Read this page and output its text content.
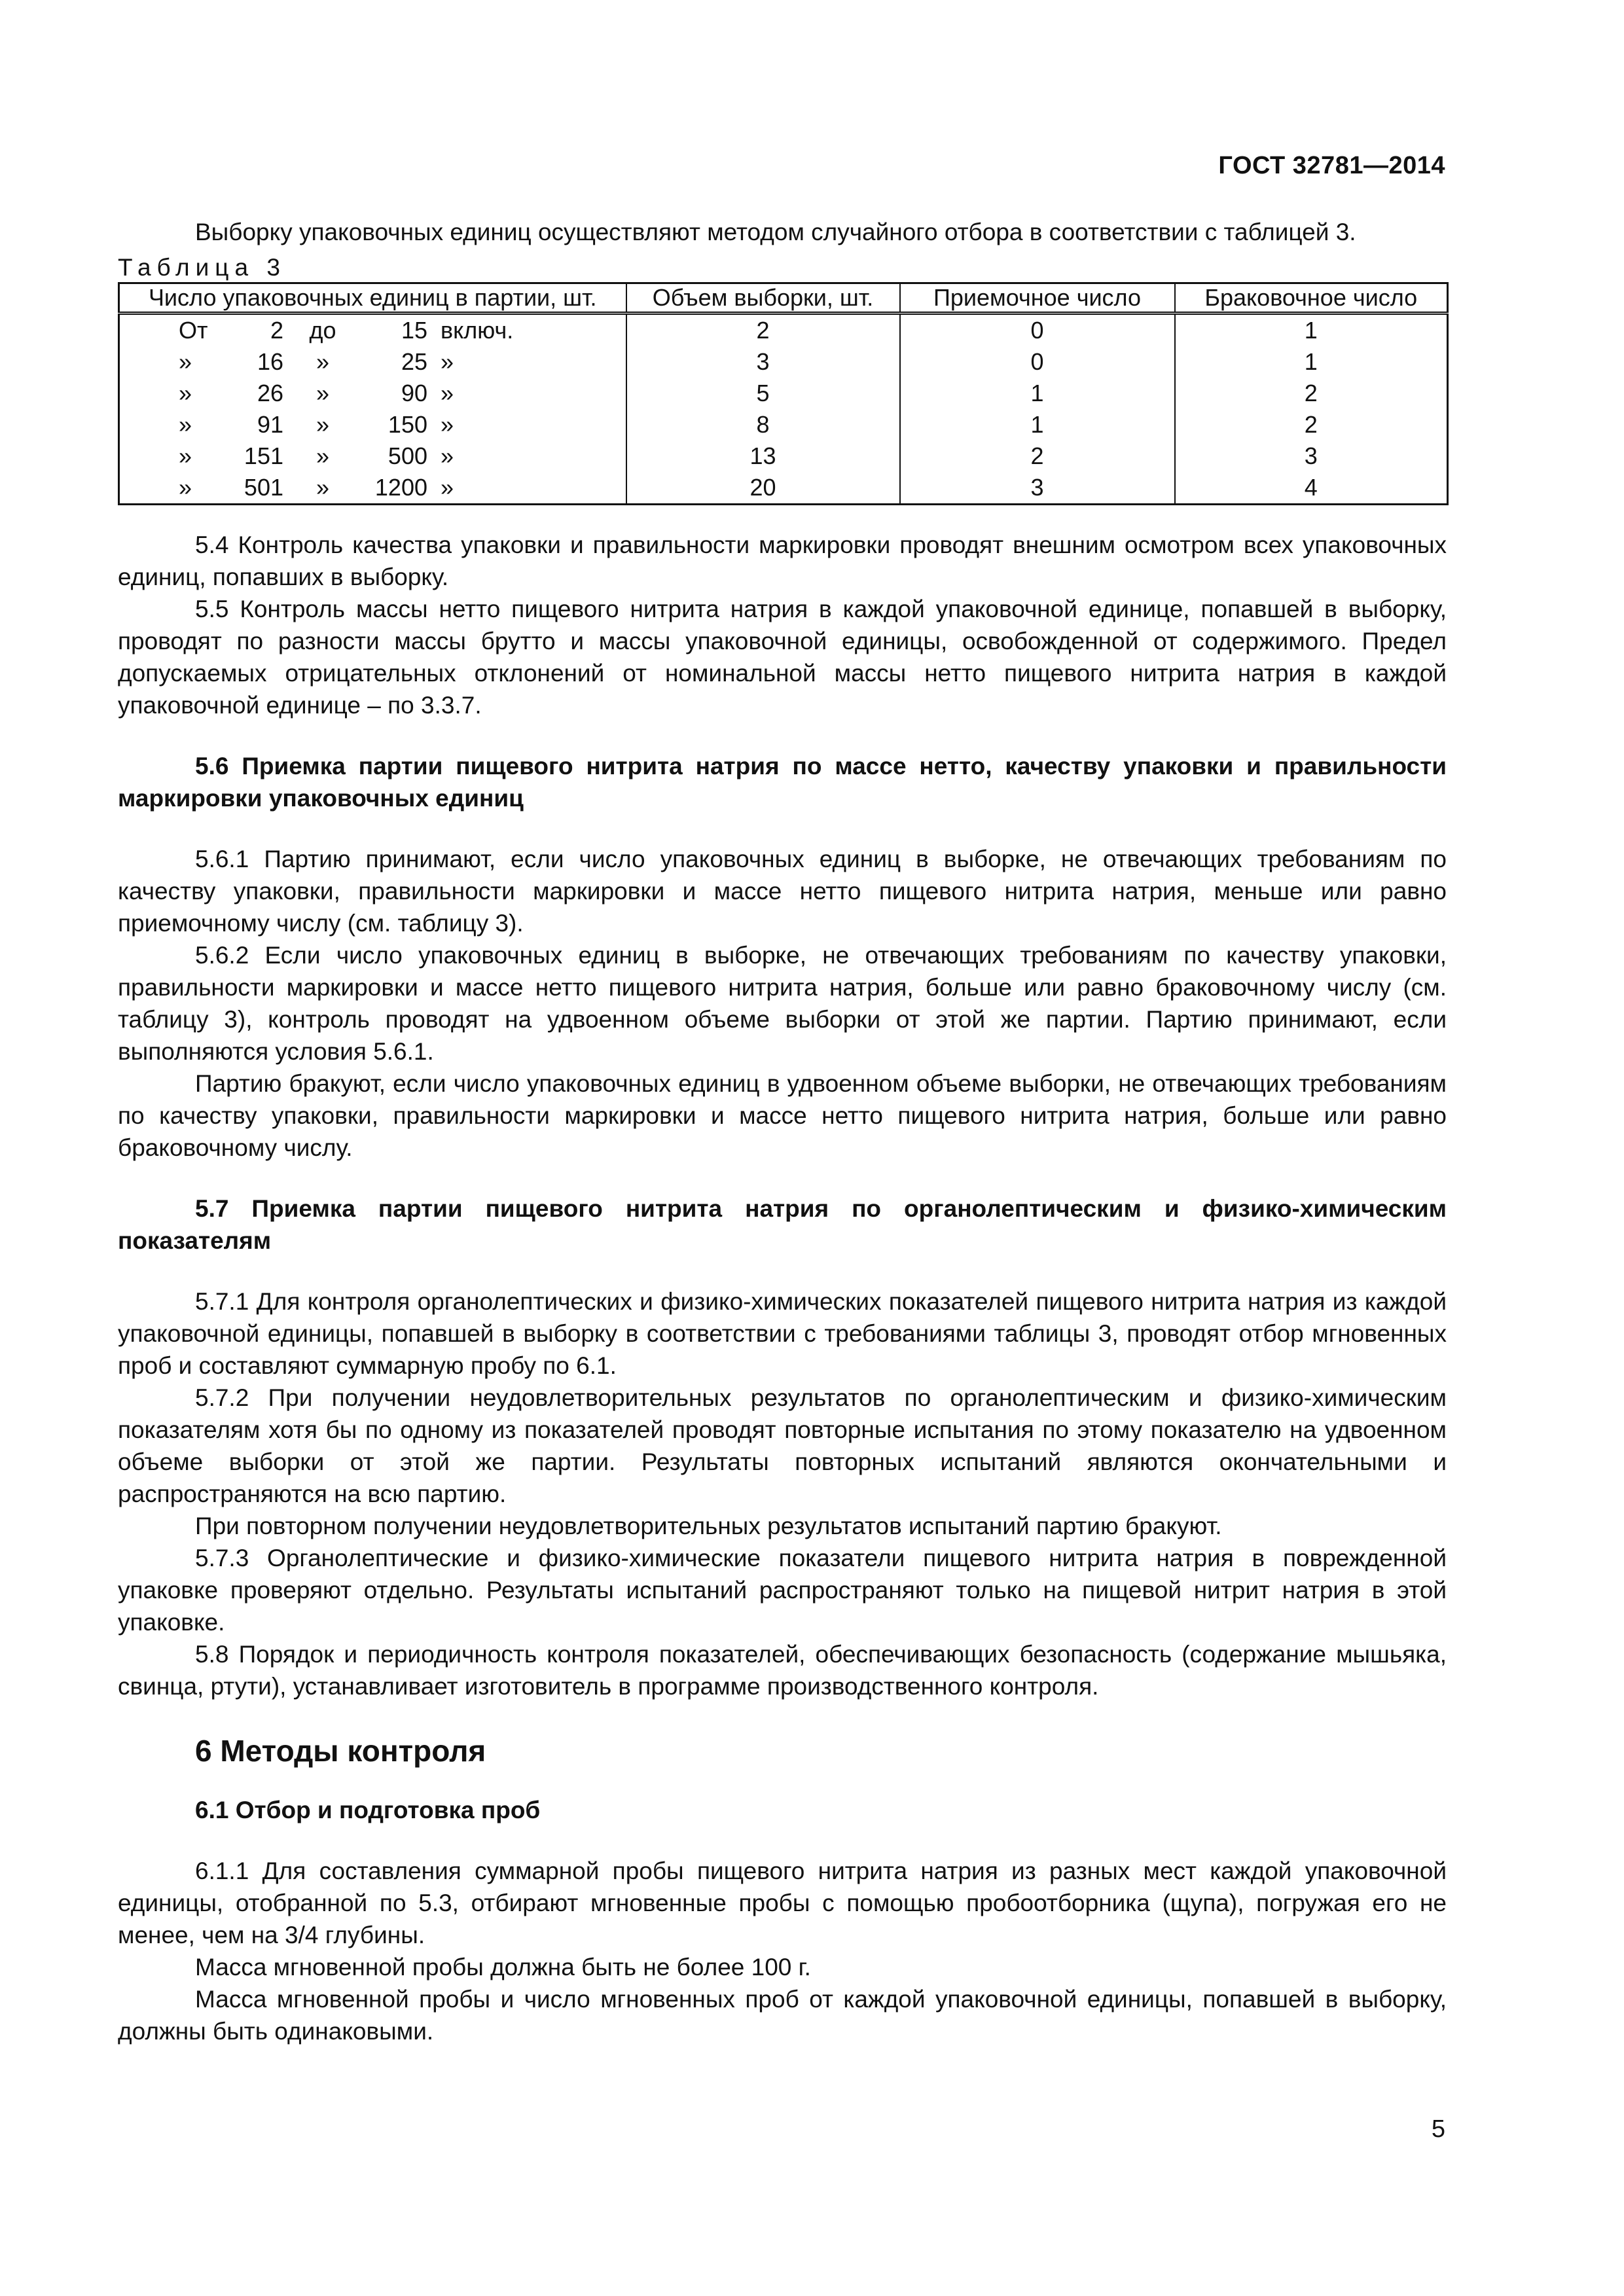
ГОСТ 32781—2014

Выборку упаковочных единиц осуществляют методом случайного отбора в соответствии с таблицей 3.

Таблица 3
Число упаковочных единиц в партии, шт.	Объем выборки, шт.	Приемочное число	Браковочное число
От 2 до 15 включ.	2	0	1
» 16 » 25 »	3	0	1
» 26 » 90 »	5	1	2
» 91 » 150 »	8	1	2
» 151 » 500 »	13	2	3
» 501 » 1200 »	20	3	4

5.4 Контроль качества упаковки и правильности маркировки проводят внешним осмотром всех упаковочных единиц, попавших в выборку.

5.5 Контроль массы нетто пищевого нитрита натрия в каждой упаковочной единице, попавшей в выборку, проводят по разности массы брутто и массы упаковочной единицы, освобожденной от содержимого. Предел допускаемых отрицательных отклонений от номинальной массы нетто пищевого нитрита натрия в каждой упаковочной единице – по 3.3.7.

5.6 Приемка партии пищевого нитрита натрия по массе нетто, качеству упаковки и правильности маркировки упаковочных единиц

5.6.1 Партию принимают, если число упаковочных единиц в выборке, не отвечающих требованиям по качеству упаковки, правильности маркировки и массе нетто пищевого нитрита натрия, меньше или равно приемочному числу (см. таблицу 3).

5.6.2 Если число упаковочных единиц в выборке, не отвечающих требованиям по качеству упаковки, правильности маркировки и массе нетто пищевого нитрита натрия, больше или равно браковочному числу (см. таблицу 3), контроль проводят на удвоенном объеме выборки от этой же партии. Партию принимают, если выполняются условия 5.6.1.

Партию бракуют, если число упаковочных единиц в удвоенном объеме выборки, не отвечающих требованиям по качеству упаковки, правильности маркировки и массе нетто пищевого нитрита натрия, больше или равно браковочному числу.

5.7 Приемка партии пищевого нитрита натрия по органолептическим и физико-химическим показателям

5.7.1 Для контроля органолептических и физико-химических показателей пищевого нитрита натрия из каждой упаковочной единицы, попавшей в выборку в соответствии с требованиями таблицы 3, проводят отбор мгновенных проб и составляют суммарную пробу по 6.1.

5.7.2 При получении неудовлетворительных результатов по органолептическим и физико-химическим показателям хотя бы по одному из показателей проводят повторные испытания по этому показателю на удвоенном объеме выборки от этой же партии. Результаты повторных испытаний являются окончательными и распространяются на всю партию.

При повторном получении неудовлетворительных результатов испытаний партию бракуют.

5.7.3 Органолептические и физико-химические показатели пищевого нитрита натрия в поврежденной упаковке проверяют отдельно. Результаты испытаний распространяют только на пищевой нитрит натрия в этой упаковке.

5.8 Порядок и периодичность контроля показателей, обеспечивающих безопасность (содержание мышьяка, свинца, ртути), устанавливает изготовитель в программе производственного контроля.

6 Методы контроля

6.1 Отбор и подготовка проб

6.1.1 Для составления суммарной пробы пищевого нитрита натрия из разных мест каждой упаковочной единицы, отобранной по 5.3, отбирают мгновенные пробы с помощью пробоотборника (щупа), погружая его не менее, чем на 3/4 глубины.

Масса мгновенной пробы должна быть не более 100 г.

Масса мгновенной пробы и число мгновенных проб от каждой упаковочной единицы, попавшей в выборку, должны быть одинаковыми.

5
